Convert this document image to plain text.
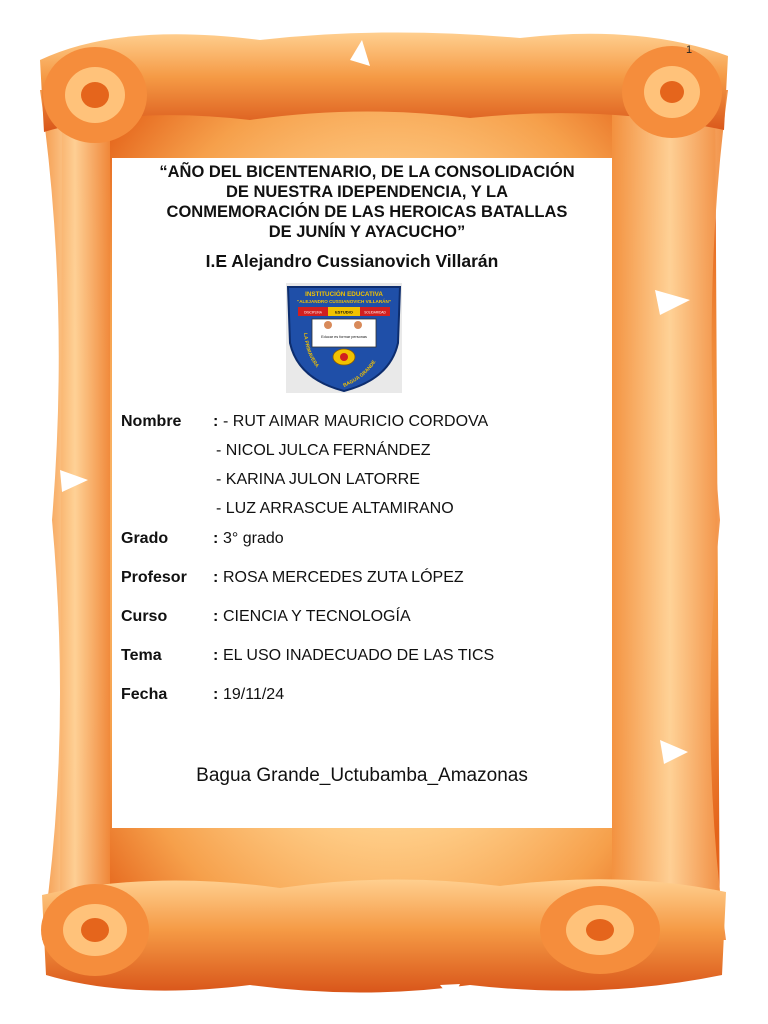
1
“AÑO DEL BICENTENARIO, DE LA CONSOLIDACIÓN
DE NUESTRA IDEPENDENCIA, Y LA
CONMEMORACIÓN DE LAS HEROICAS BATALLAS
DE JUNÍN Y AYACUCHO”
I.E Alejandro Cussianovich Villarán
INSTITUCIÓN EDUCATIVA
“ALEJANDRO CUSSIANOVICH VILLARÁN”
DISCIPLINA	ESTUDIO	SOLIDARIDAD
Educar es formar personas
LA PRIMAVERA
BAGUA GRANDE
Nombre : - RUT AIMAR MAURICIO CORDOVA
- NICOL JULCA FERNÁNDEZ
- KARINA JULON LATORRE
- LUZ ARRASCUE ALTAMIRANO
Grado	: 3° grado
Profesor : ROSA MERCEDES ZUTA LÓPEZ
Curso	: CIENCIA Y TECNOLOGÍA
Tema	: EL USO INADECUADO DE LAS TICS
Fecha	: 19/11/24
Bagua Grande_Uctubamba_Amazonas
